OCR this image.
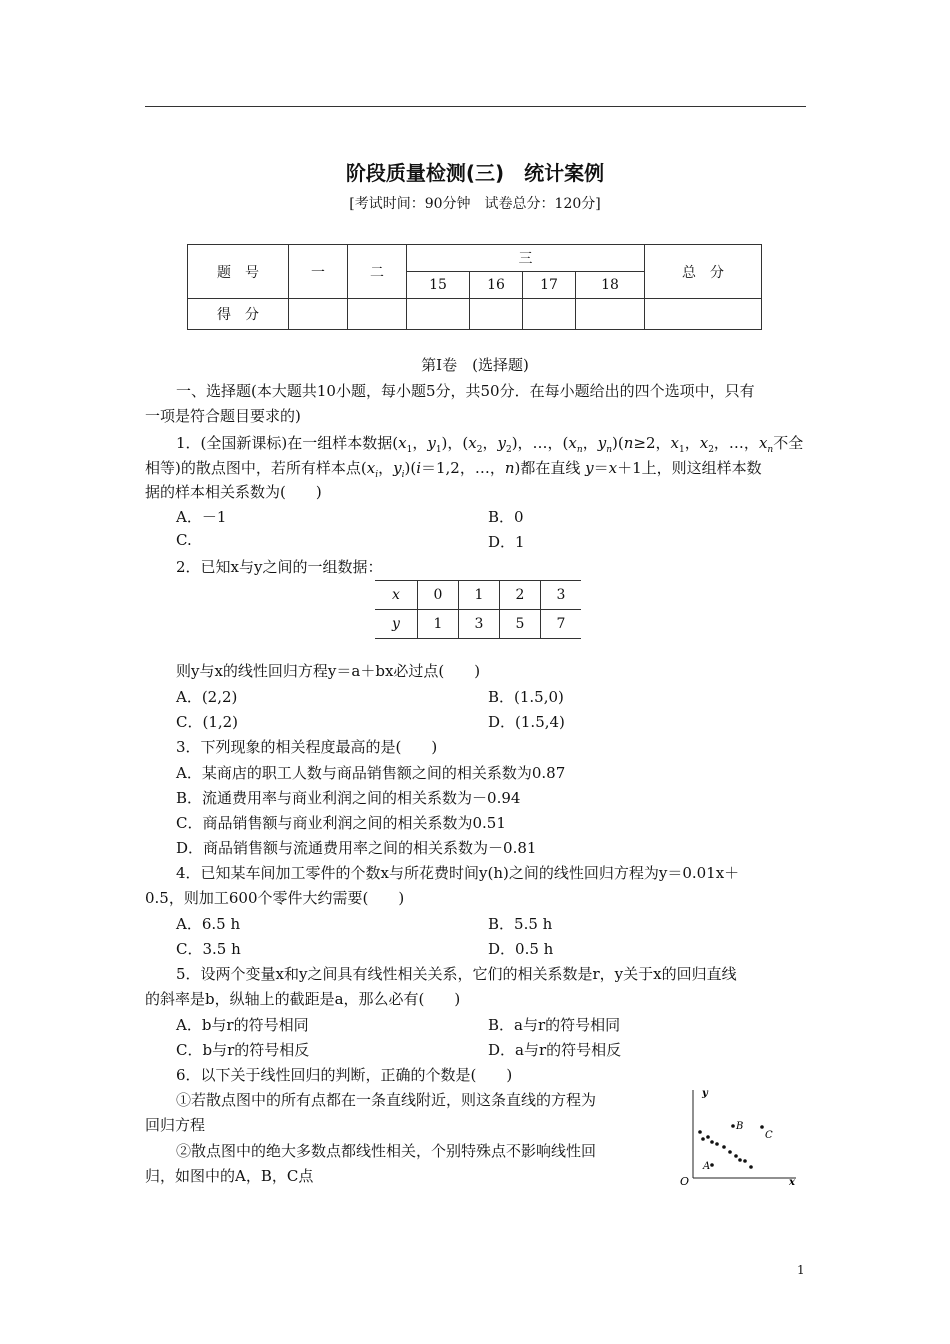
阶段质量检测(三)　统计案例
[考试时间：90分钟　试卷总分：120分]
题　号	一	二	三				总　分
			15	16	17	18	
得　分							
第Ⅰ卷　(选择题)
一、选择题(本大题共10小题，每小题5分，共50分．在每小题给出的四个选项中，只有
一项是符合题目要求的)
1．(全国新课标)在一组样本数据($x_1$，$y_1$)，($x_2$，$y_2$)，…，($x_n$，$y_n)(n\ge 2$，$x_1$，$x_2$，…，$x_n$不全
相等)的散点图中，若所有样本点($x_i$，$y_i)(i=1,2$，…，n)都在直线 y＝x＋1上，则这组样本数
据的样本相关系数为(　　)
A．－1	B．0
C.	D．1
2．已知x与y之间的一组数据：
x	0	1	2	3
y	1	3	5	7
则y与x的线性回归方程y＝a＋bx必过点(　　)
A．(2,2)	B．(1.5,0)
C．(1,2)	D．(1.5,4)
3．下列现象的相关程度最高的是(　　)
A．某商店的职工人数与商品销售额之间的相关系数为0.87
B．流通费用率与商业利润之间的相关系数为－0.94
C．商品销售额与商业利润之间的相关系数为0.51
D．商品销售额与流通费用率之间的相关系数为－0.81
4．已知某车间加工零件的个数x与所花费时间y(h)之间的线性回归方程为y＝0.01x＋
0.5，则加工600个零件大约需要(　　)
A．6.5 h	B．5.5 h
C．3.5 h	D．0.5 h
5．设两个变量x和y之间具有线性相关关系，它们的相关系数是r，y关于x的回归直线
的斜率是b，纵轴上的截距是a，那么必有(　　)
A．b与r的符号相同	B．a与r的符号相同
C．b与r的符号相反	D．a与r的符号相反
6．以下关于线性回归的判断，正确的个数是(　　)
①若散点图中的所有点都在一条直线附近，则这条直线的方程为
回归方程
②散点图中的绝大多数点都线性相关，个别特殊点不影响线性回
归，如图中的A，B，C点
y
x
O
A
B
C
1
